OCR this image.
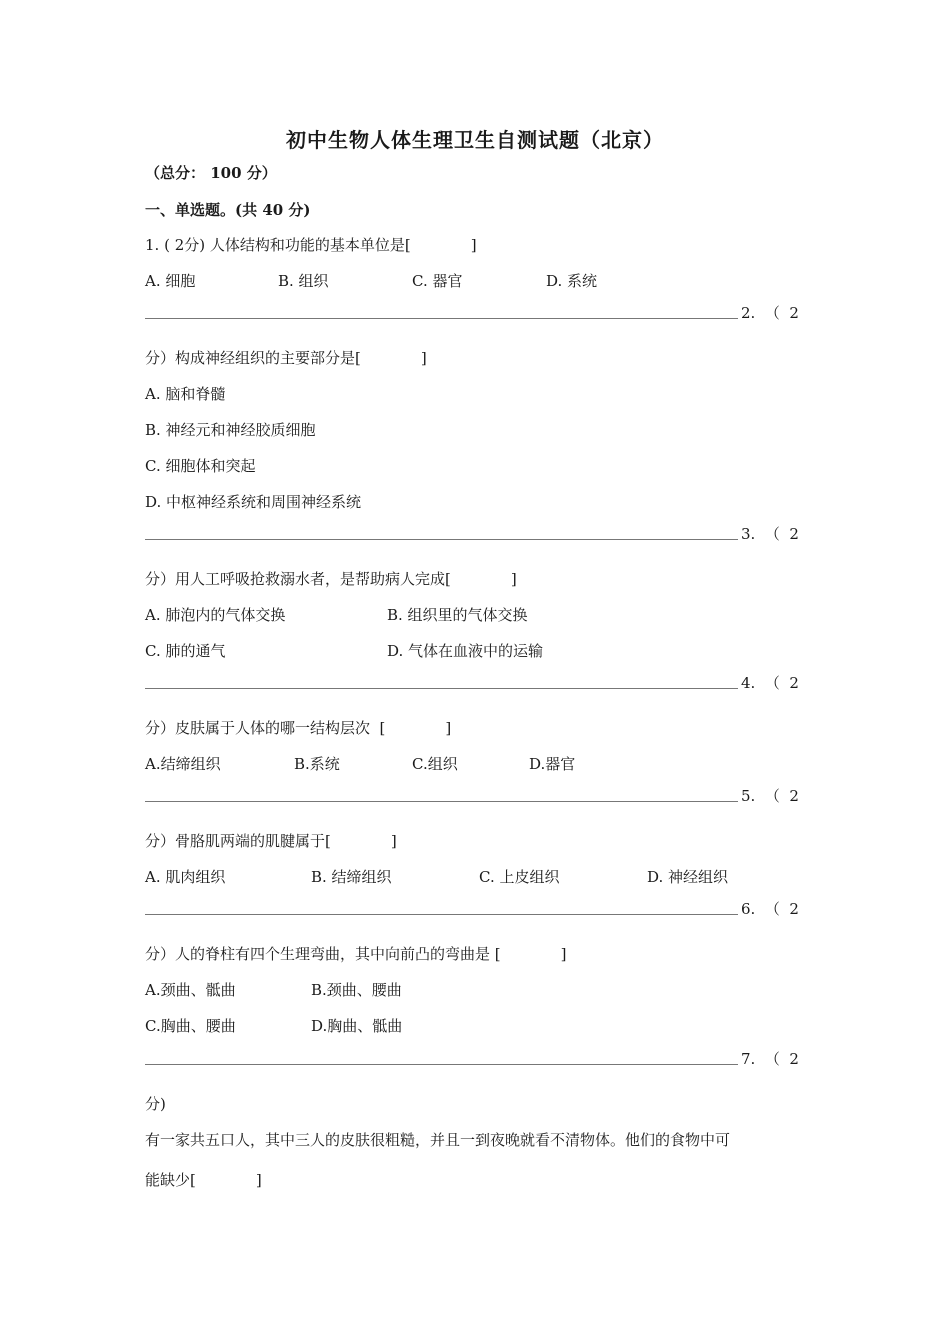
初中生物人体生理卫生自测试题（北京）
（总分： 100 分）
一、单选题。(共 40 分)
1. ( 2分) 人体结构和功能的基本单位是[　　　　]
A. 细胞	B. 组织	C. 器官	D. 系统
2.  （  2
分）构成神经组织的主要部分是[　　　　]
A. 脑和脊髓
B. 神经元和神经胶质细胞
C. 细胞体和突起
D. 中枢神经系统和周围神经系统
3.  （  2
分）用人工呼吸抢救溺水者，是帮助病人完成[　　　　]
A. 肺泡内的气体交换	B. 组织里的气体交换
C. 肺的通气	D. 气体在血液中的运输
4.  （  2
分）皮肤属于人体的哪一结构层次  [　　　　]
A.结缔组织	B.系统	C.组织	D.器官
5.  （  2
分）骨胳肌两端的肌腱属于[　　　　]
A. 肌肉组织	B. 结缔组织	C. 上皮组织	D. 神经组织
6.  （  2
分）人的脊柱有四个生理弯曲，其中向前凸的弯曲是 [　　　　]
A.颈曲、骶曲	B.颈曲、腰曲
C.胸曲、腰曲	D.胸曲、骶曲
7.  （  2
分)
有一家共五口人，其中三人的皮肤很粗糙，并且一到夜晚就看不清物体。他们的食物中可
能缺少[　　　　]
